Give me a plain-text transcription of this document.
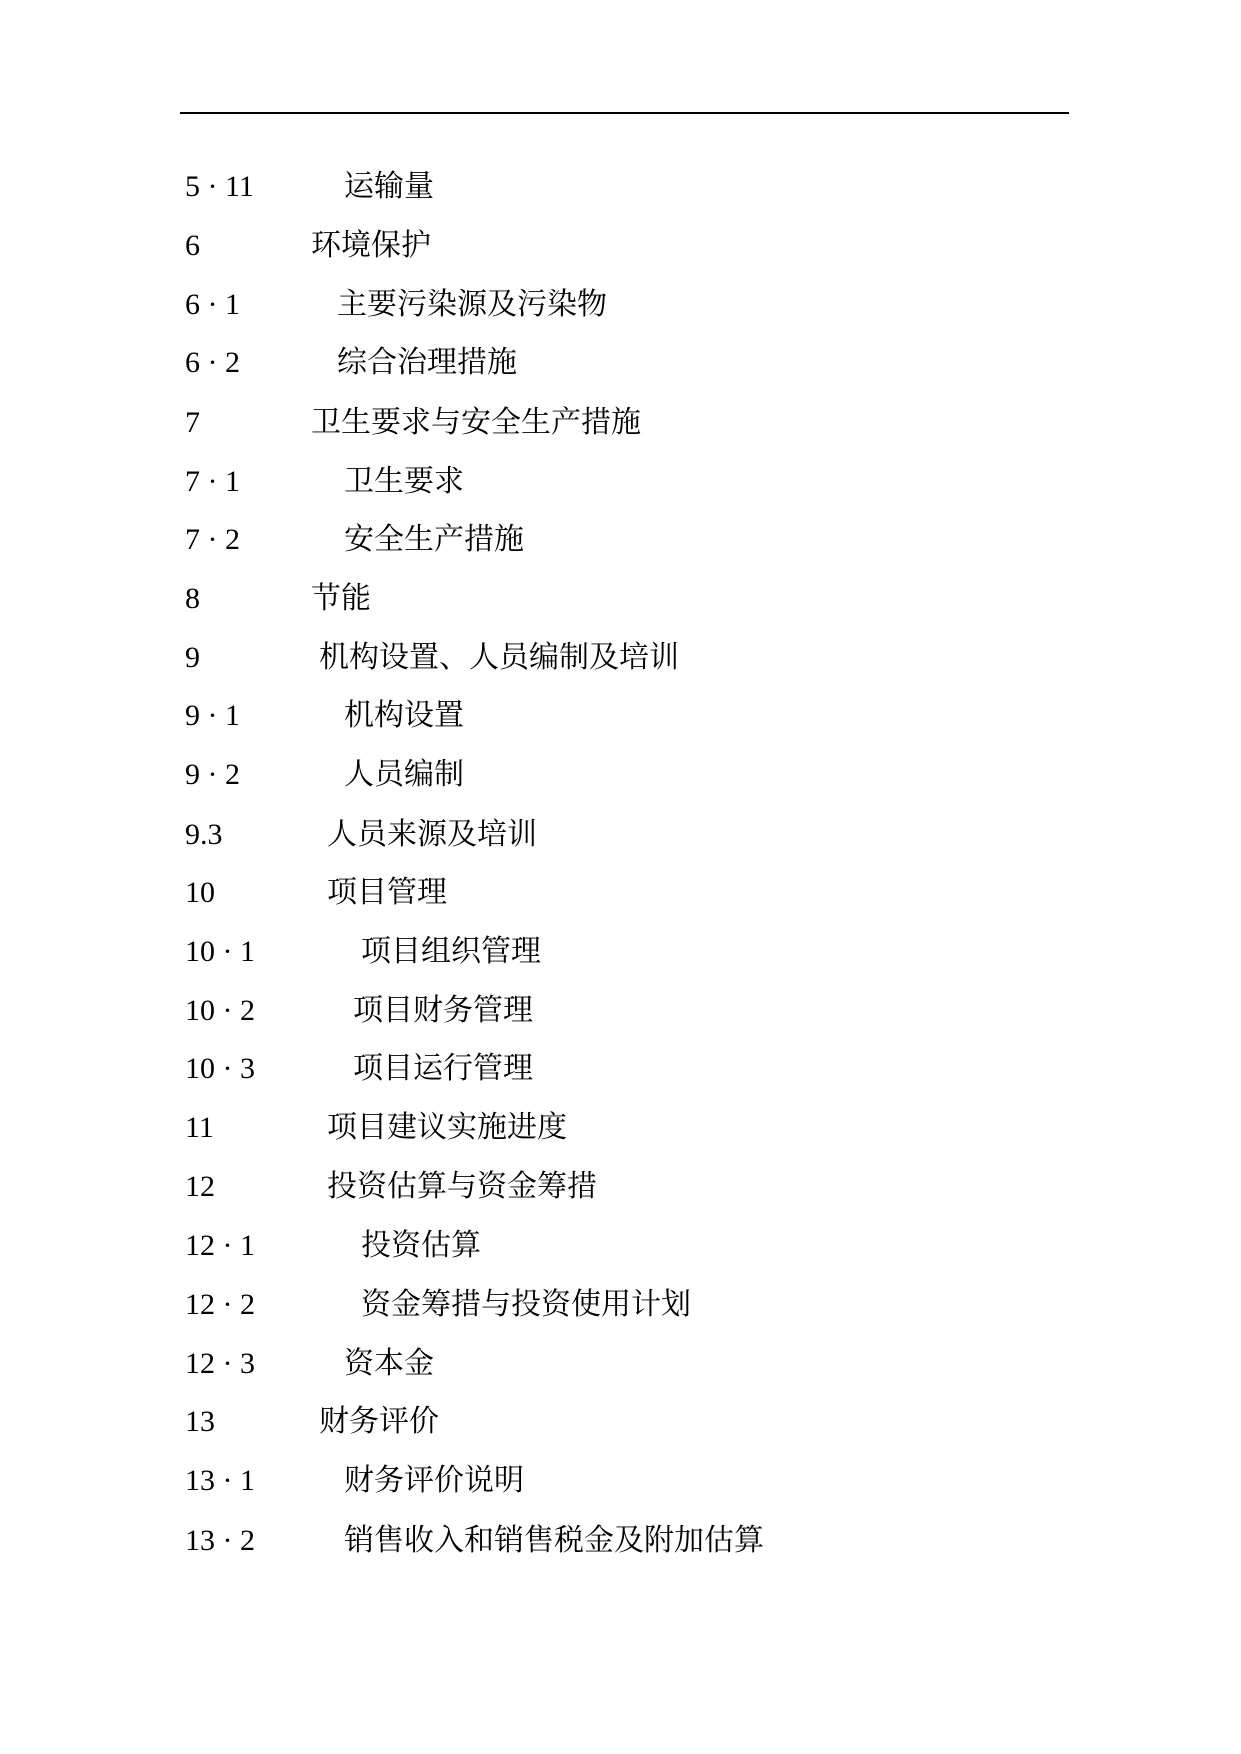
5 · 11	运输量
6	环境保护
6 · 1	主要污染源及污染物
6 · 2	综合治理措施
7	卫生要求与安全生产措施
7 · 1	卫生要求
7 · 2	安全生产措施
8	节能
9	机构设置、人员编制及培训
9 · 1	机构设置
9 · 2	人员编制
9.3	人员来源及培训
10	项目管理
10 · 1	项目组织管理
10 · 2	项目财务管理
10 · 3	项目运行管理
11	项目建议实施进度
12	投资估算与资金筹措
12 · 1	投资估算
12 · 2	资金筹措与投资使用计划
12 · 3	资本金
13	财务评价
13 · 1	财务评价说明
13 · 2	销售收入和销售税金及附加估算
